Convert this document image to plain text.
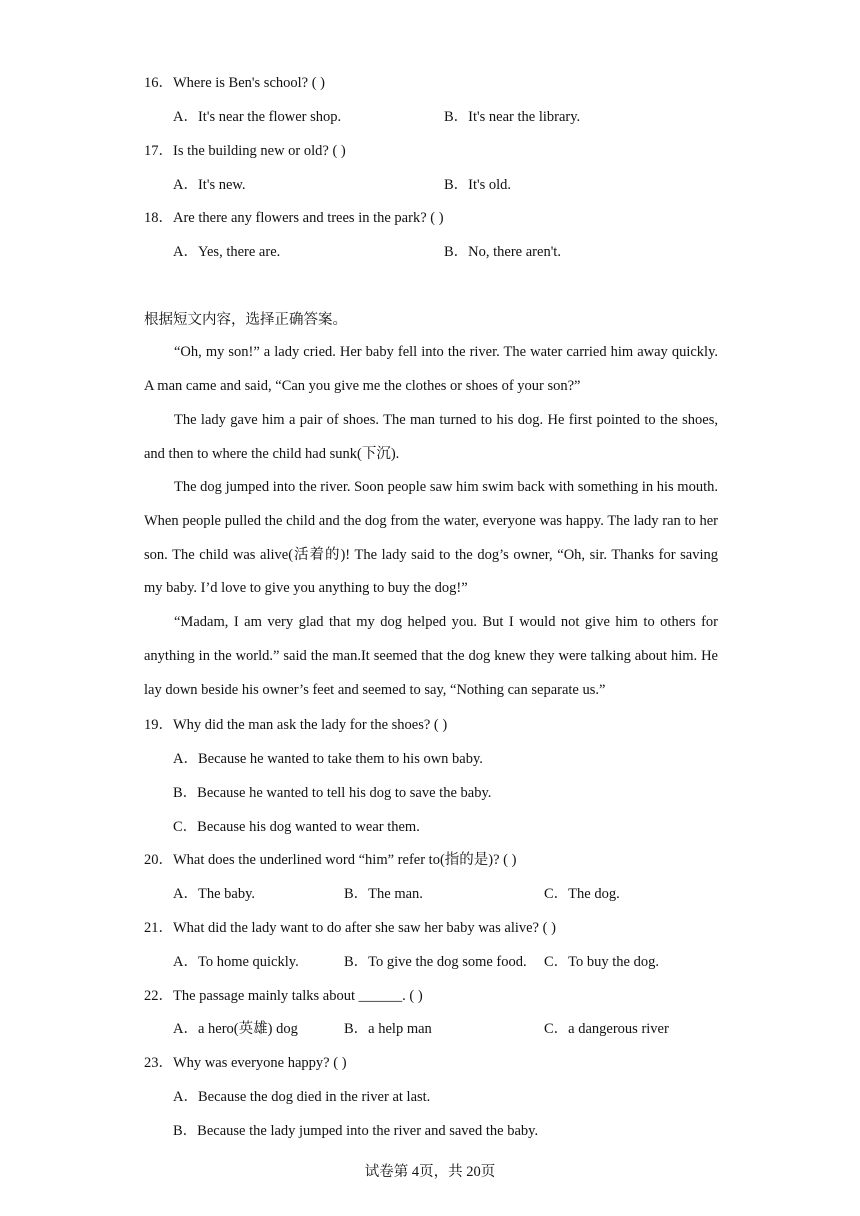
16．Where is Ben's school? ( )
A．It's near the flower shop.	B．It's near the library.
17．Is the building new or old? ( )
A．It's new.	B．It's old.
18．Are there any flowers and trees in the park? ( )
A．Yes, there are.	B．No, there aren't.
根据短文内容，选择正确答案。
“Oh, my son!” a lady cried. Her baby fell into the river. The water carried him away quickly. A man came and said, “Can you give me the clothes or shoes of your son?”
The lady gave him a pair of shoes. The man turned to his dog. He first pointed to the shoes, and then to where the child had sunk(下沉).
The dog jumped into the river. Soon people saw him swim back with something in his mouth. When people pulled the child and the dog from the water, everyone was happy. The lady ran to her son. The child was alive(活着的)! The lady said to the dog’s owner, “Oh, sir. Thanks for saving my baby. I’d love to give you anything to buy the dog!”
“Madam, I am very glad that my dog helped you. But I would not give him to others for anything in the world.” said the man.It seemed that the dog knew they were talking about him. He lay down beside his owner’s feet and seemed to say, “Nothing can separate us.”
19．Why did the man ask the lady for the shoes? ( )
A．Because he wanted to take them to his own baby.
B．Because he wanted to tell his dog to save the baby.
C．Because his dog wanted to wear them.
20．What does the underlined word “him” refer to(指的是)? ( )
A．The baby.	B．The man.	C．The dog.
21．What did the lady want to do after she saw her baby was alive? ( )
A．To home quickly.	B．To give the dog some food. C．To buy the dog.
22．The passage mainly talks about ______. ( )
A．a hero(英雄) dog	B．a help man	C．a dangerous river
23．Why was everyone happy? ( )
A．Because the dog died in the river at last.
B．Because the lady jumped into the river and saved the baby.
试卷第 4页，共 20页
